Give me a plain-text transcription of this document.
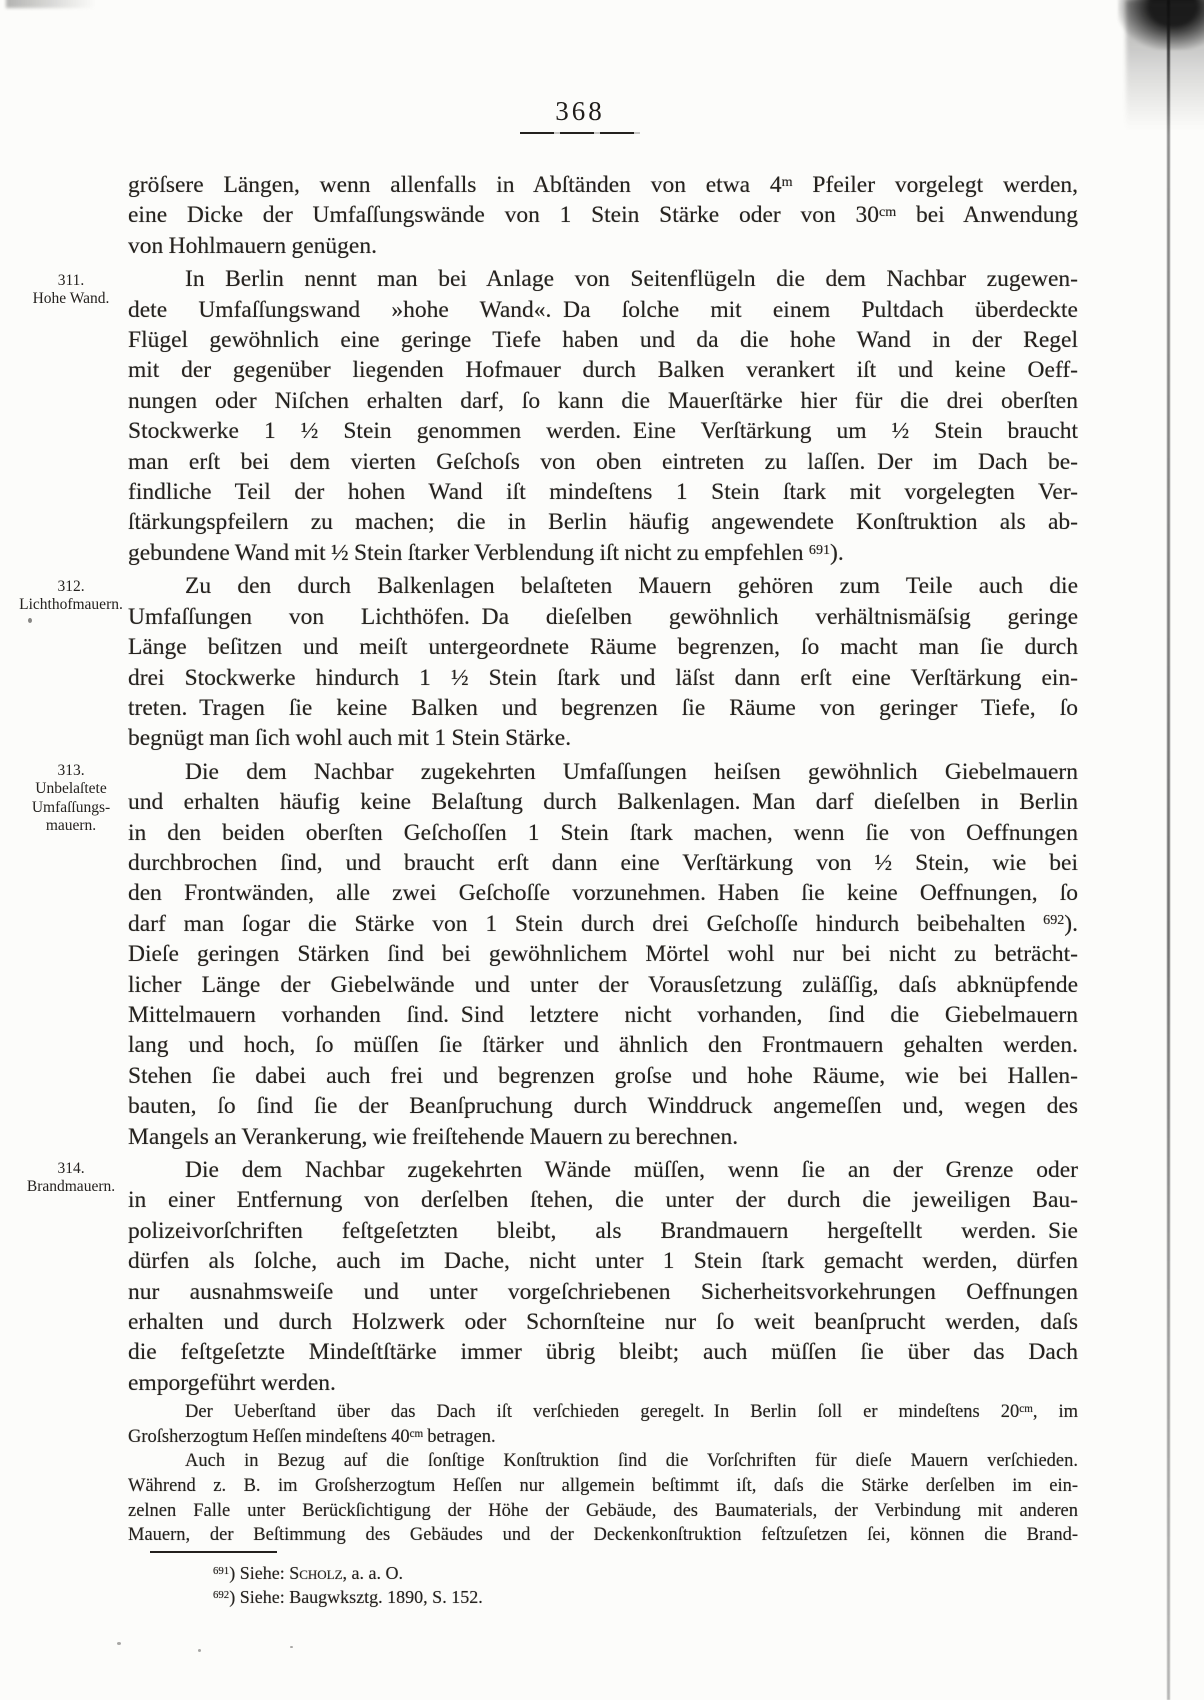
368
311.
Hohe Wand.
312.
Lichthofmauern.
313.
Unbelaſtete
Umfaſſungs-
mauern.
314.
Brandmauern.
gröſsere Längen, wenn allenfalls in Abſtänden von etwa 4$^m$ Pfeiler vorgelegt werden,
eine Dicke der Umfaſſungswände von 1 Stein Stärke oder von $30^{cm}$ bei Anwendung
von Hohlmauern genügen.
In Berlin nennt man bei Anlage von Seitenflügeln die dem Nachbar zugewen-
dete Umfaſſungswand »hohe Wand«. Da ſolche mit einem Pultdach überdeckte
Flügel gewöhnlich eine geringe Tiefe haben und da die hohe Wand in der Regel
mit der gegenüber liegenden Hofmauer durch Balken verankert iſt und keine Oeff-
nungen oder Niſchen erhalten darf, ſo kann die Mauerſtärke hier für die drei oberſten
Stockwerke 1 ½ Stein genommen werden. Eine Verſtärkung um ½ Stein braucht
man erſt bei dem vierten Geſchoſs von oben eintreten zu laſſen. Der im Dach be-
findliche Teil der hohen Wand iſt mindeſtens 1 Stein ſtark mit vorgelegten Ver-
ſtärkungspfeilern zu machen; die in Berlin häufig angewendete Konſtruktion als ab-
gebundene Wand mit ½ Stein ſtarker Verblendung iſt nicht zu empfehlen $^{691}$).
Zu den durch Balkenlagen belaſteten Mauern gehören zum Teile auch die
Umfaſſungen von Lichthöfen. Da dieſelben gewöhnlich verhältnismäſsig geringe
Länge beſitzen und meiſt untergeordnete Räume begrenzen, ſo macht man ſie durch
drei Stockwerke hindurch 1 ½ Stein ſtark und läſst dann erſt eine Verſtärkung ein-
treten. Tragen ſie keine Balken und begrenzen ſie Räume von geringer Tiefe, ſo
begnügt man ſich wohl auch mit 1 Stein Stärke.
Die dem Nachbar zugekehrten Umfaſſungen heiſsen gewöhnlich Giebelmauern
und erhalten häufig keine Belaſtung durch Balkenlagen. Man darf dieſelben in Berlin
in den beiden oberſten Geſchoſſen 1 Stein ſtark machen, wenn ſie von Oeffnungen
durchbrochen ſind, und braucht erſt dann eine Verſtärkung von ½ Stein, wie bei
den Frontwänden, alle zwei Geſchoſſe vorzunehmen. Haben ſie keine Oeffnungen, ſo
darf man ſogar die Stärke von 1 Stein durch drei Geſchoſſe hindurch beibehalten $^{692}$).
Dieſe geringen Stärken ſind bei gewöhnlichem Mörtel wohl nur bei nicht zu beträcht-
licher Länge der Giebelwände und unter der Vorausſetzung zuläſſig, daſs abknüpfende
Mittelmauern vorhanden ſind. Sind letztere nicht vorhanden, ſind die Giebelmauern
lang und hoch, ſo müſſen ſie ſtärker und ähnlich den Frontmauern gehalten werden.
Stehen ſie dabei auch frei und begrenzen groſse und hohe Räume, wie bei Hallen-
bauten, ſo ſind ſie der Beanſpruchung durch Winddruck angemeſſen und, wegen des
Mangels an Verankerung, wie freiſtehende Mauern zu berechnen.
Die dem Nachbar zugekehrten Wände müſſen, wenn ſie an der Grenze oder
in einer Entfernung von derſelben ſtehen, die unter der durch die jeweiligen Bau-
polizeivorſchriften feſtgeſetzten bleibt, als Brandmauern hergeſtellt werden. Sie
dürfen als ſolche, auch im Dache, nicht unter 1 Stein ſtark gemacht werden, dürfen
nur ausnahmsweiſe und unter vorgeſchriebenen Sicherheitsvorkehrungen Oeffnungen
erhalten und durch Holzwerk oder Schornſteine nur ſo weit beanſprucht werden, daſs
die feſtgeſetzte Mindeſtſtärke immer übrig bleibt; auch müſſen ſie über das Dach
emporgeführt werden.
Der Ueberſtand über das Dach iſt verſchieden geregelt. In Berlin ſoll er mindeſtens $20^{cm}$, im
Groſsherzogtum Heſſen mindeſtens $40^{cm}$ betragen.
Auch in Bezug auf die ſonſtige Konſtruktion ſind die Vorſchriften für dieſe Mauern verſchieden.
Während z. B. im Groſsherzogtum Heſſen nur allgemein beſtimmt iſt, daſs die Stärke derſelben im ein-
zelnen Falle unter Berückſichtigung der Höhe der Gebäude, des Baumaterials, der Verbindung mit anderen
Mauern, der Beſtimmung des Gebäudes und der Deckenkonſtruktion feſtzuſetzen ſei, können die Brand-
$^{691}$) Siehe: Scholz, a. a. O.
$^{692}$) Siehe: Baugwksztg. 1890, S. 152.
